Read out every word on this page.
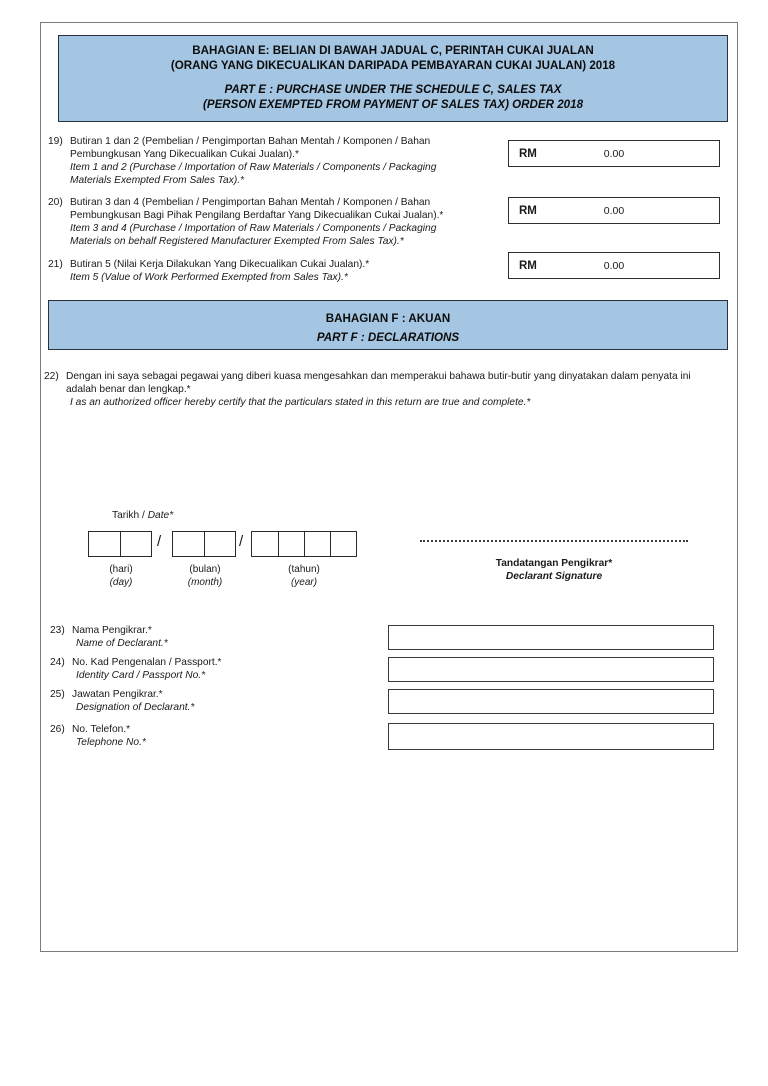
BAHAGIAN E: BELIAN DI BAWAH JADUAL C, PERINTAH CUKAI JUALAN
(ORANG YANG DIKECUALIKAN DARIPADA PEMBAYARAN CUKAI JUALAN) 2018
PART E : PURCHASE UNDER THE SCHEDULE C, SALES TAX
(PERSON EXEMPTED FROM PAYMENT OF SALES TAX) ORDER 2018
19) Butiran 1 dan 2 (Pembelian / Pengimportan Bahan Mentah / Komponen / Bahan Pembungkusan Yang Dikecualikan Cukai Jualan).*
Item 1 and 2 (Purchase / Importation of Raw Materials / Components / Packaging Materials Exempted From Sales Tax).*
RM	0.00
20) Butiran 3 dan 4 (Pembelian / Pengimportan Bahan Mentah / Komponen / Bahan Pembungkusan Bagi Pihak Pengilang Berdaftar Yang Dikecualikan Cukai Jualan).*
Item 3 and 4 (Purchase / Importation of Raw Materials / Components / Packaging Materials on behalf Registered Manufacturer Exempted From Sales Tax).*
RM	0.00
21) Butiran 5 (Nilai Kerja Dilakukan Yang Dikecualikan Cukai Jualan).*
Item 5 (Value of Work Performed Exempted from Sales Tax).*
RM	0.00
BAHAGIAN F : AKUAN
PART F : DECLARATIONS
22) Dengan ini saya sebagai pegawai yang diberi kuasa mengesahkan dan memperakui bahawa butir-butir yang dinyatakan dalam penyata ini adalah benar dan lengkap.*
I as an authorized officer hereby certify that the particulars stated in this return are true and complete.*
Tarikh / Date*
/	/
(hari)
(day)
(bulan)
(month)
(tahun)
(year)
Tandatangan Pengikrar*
Declarant Signature
23) Nama Pengikrar.*
Name of Declarant.*
24) No. Kad Pengenalan / Passport.*
Identity Card / Passport No.*
25) Jawatan Pengikrar.*
Designation of Declarant.*
26) No. Telefon.*
Telephone No.*
